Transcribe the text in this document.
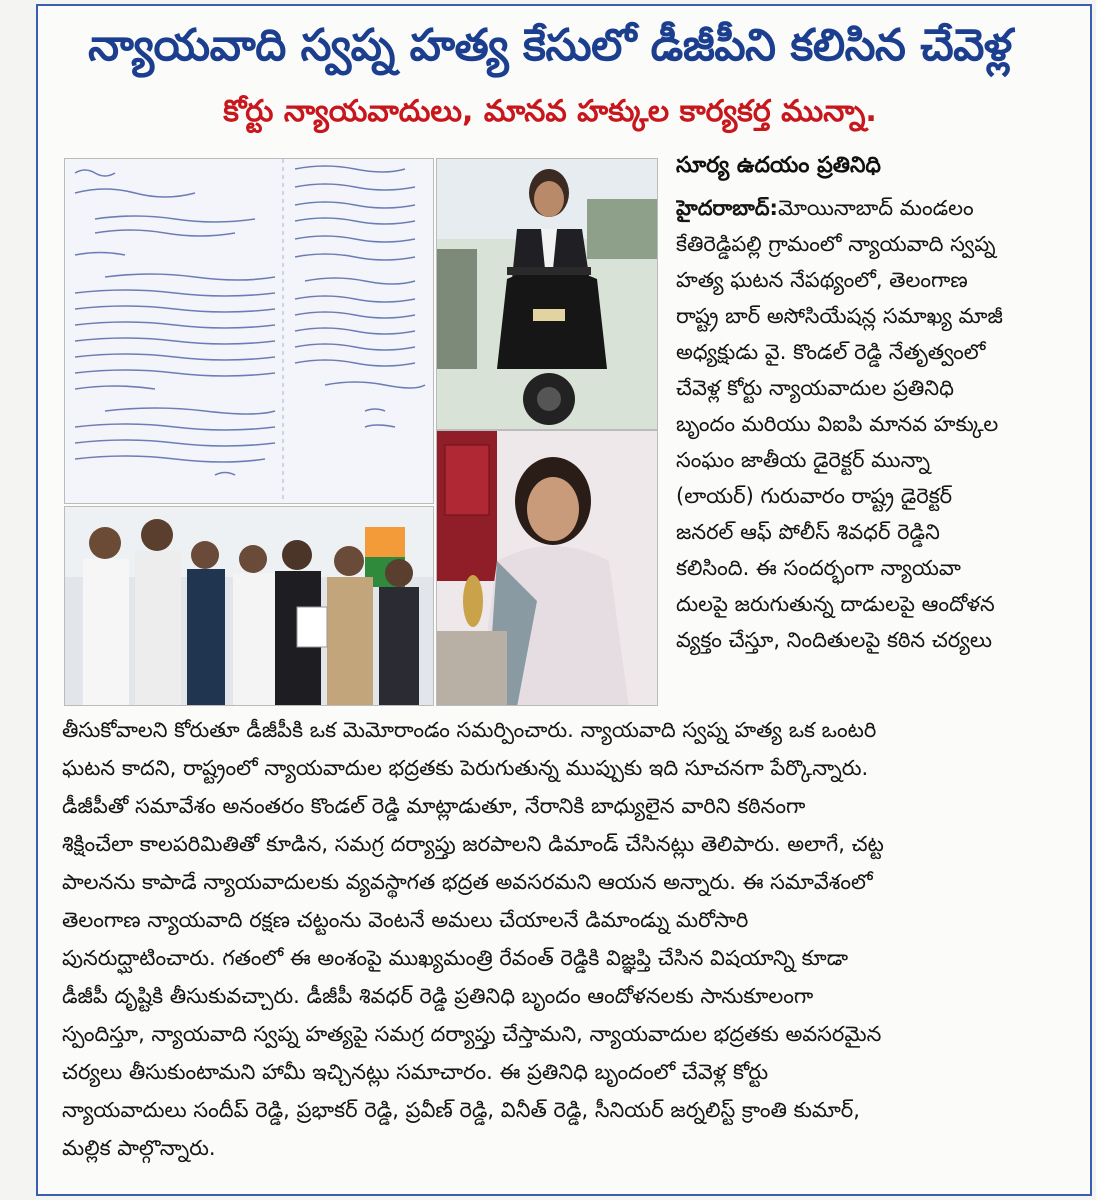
న్యాయవాది స్వప్న హత్య కేసులో డీజీపీని కలిసిన చేవెళ్ల
కోర్టు న్యాయవాదులు, మానవ హక్కుల కార్యకర్త మున్నా.
సూర్య ఉదయం ప్రతినిధి
హైదరాబాద్:మోయినాబాద్ మండలం
కేతిరెడ్డిపల్లి గ్రామంలో న్యాయవాది స్వప్న
హత్య ఘటన నేపథ్యంలో, తెలంగాణ
రాష్ట్ర బార్ అసోసియేషన్ల సమాఖ్య మాజీ
అధ్యక్షుడు వై. కొండల్ రెడ్డి నేతృత్వంలో
చేవెళ్ల కోర్టు న్యాయవాదుల ప్రతినిధి
బృందం మరియు విఐపి మానవ హక్కుల
సంఘం జాతీయ డైరెక్టర్ మున్నా
(లాయర్) గురువారం రాష్ట్ర డైరెక్టర్
జనరల్ ఆఫ్ పోలీస్ శివధర్ రెడ్డిని
కలిసింది. ఈ సందర్భంగా న్యాయవా
దులపై జరుగుతున్న దాడులపై ఆందోళన
వ్యక్తం చేస్తూ, నిందితులపై కఠిన చర్యలు
తీసుకోవాలని కోరుతూ డీజీపీకి ఒక మెమోరాండం సమర్పించారు. న్యాయవాది స్వప్న హత్య ఒక ఒంటరి
ఘటన కాదని, రాష్ట్రంలో న్యాయవాదుల భద్రతకు పెరుగుతున్న ముప్పుకు ఇది సూచనగా పేర్కొన్నారు.
డీజీపీతో సమావేశం అనంతరం కొండల్ రెడ్డి మాట్లాడుతూ, నేరానికి బాధ్యులైన వారిని కఠినంగా
శిక్షించేలా కాలపరిమితితో కూడిన, సమగ్ర దర్యాప్తు జరపాలని డిమాండ్ చేసినట్లు తెలిపారు. అలాగే, చట్ట
పాలనను కాపాడే న్యాయవాదులకు వ్యవస్థాగత భద్రత అవసరమని ఆయన అన్నారు. ఈ సమావేశంలో
తెలంగాణ న్యాయవాది రక్షణ చట్టంను వెంటనే అమలు చేయాలనే డిమాండ్ను మరోసారి
పునరుద్ఘాటించారు. గతంలో ఈ అంశంపై ముఖ్యమంత్రి రేవంత్ రెడ్డికి విజ్ఞప్తి చేసిన విషయాన్ని కూడా
డీజీపీ దృష్టికి తీసుకువచ్చారు. డీజీపీ శివధర్ రెడ్డి ప్రతినిధి బృందం ఆందోళనలకు సానుకూలంగా
స్పందిస్తూ, న్యాయవాది స్వప్న హత్యపై సమగ్ర దర్యాప్తు చేస్తామని, న్యాయవాదుల భద్రతకు అవసరమైన
చర్యలు తీసుకుంటామని హామీ ఇచ్చినట్లు సమాచారం. ఈ ప్రతినిధి బృందంలో చేవెళ్ల కోర్టు
న్యాయవాదులు సందీప్ రెడ్డి, ప్రభాకర్ రెడ్డి, ప్రవీణ్ రెడ్డి, వినీత్ రెడ్డి, సీనియర్ జర్నలిస్ట్ క్రాంతి కుమార్,
మల్లిక పాల్గొన్నారు.
